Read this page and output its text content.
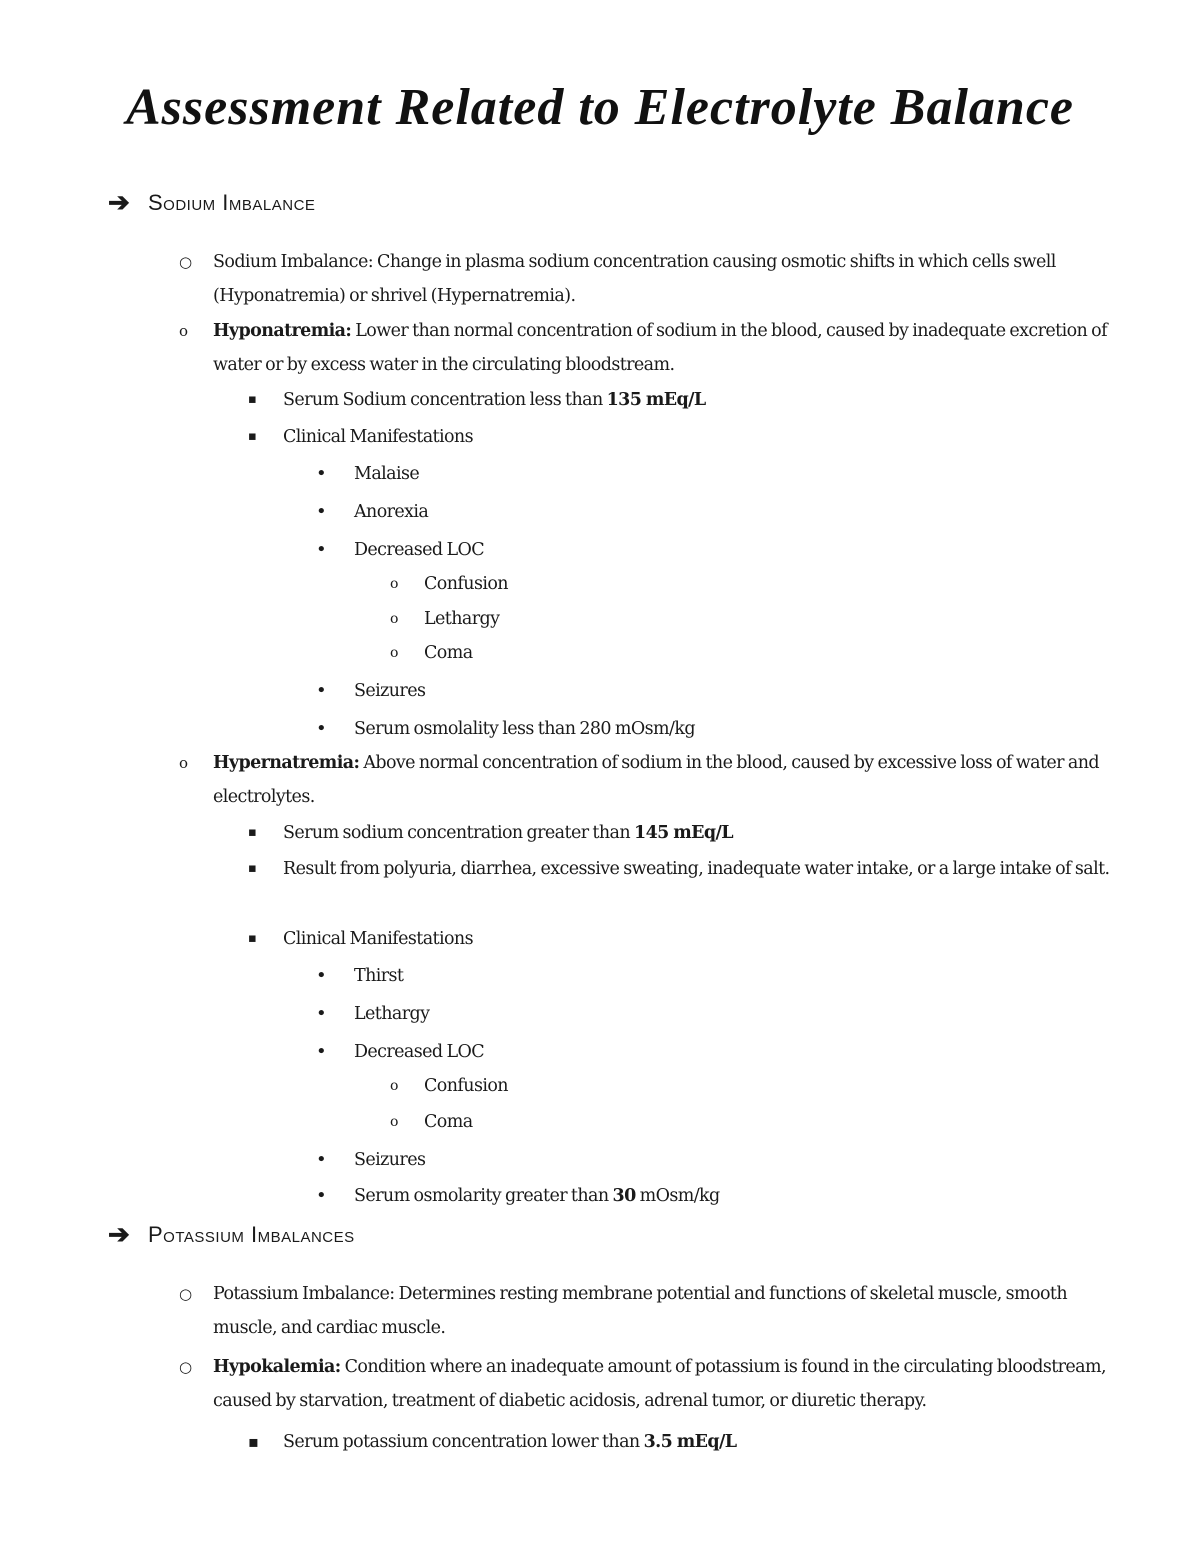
Assessment Related to Electrolyte Balance
➔ Sodium Imbalance

○ Sodium Imbalance: Change in plasma sodium concentration causing osmotic shifts in which cells swell (Hyponatremia) or shrivel (Hypernatremia).

o Hyponatremia: Lower than normal concentration of sodium in the blood, caused by inadequate excretion of water or by excess water in the circulating bloodstream.

▪ Serum Sodium concentration less than 135 mEq/L

▪ Clinical Manifestations

• Malaise

• Anorexia

• Decreased LOC

o Confusion

o Lethargy

o Coma

• Seizures

• Serum osmolality less than 280 mOsm/kg

o Hypernatremia: Above normal concentration of sodium in the blood, caused by excessive loss of water and electrolytes.

▪ Serum sodium concentration greater than 145 mEq/L

▪ Result from polyuria, diarrhea, excessive sweating, inadequate water intake, or a large intake of salt.

▪ Clinical Manifestations

• Thirst

• Lethargy

• Decreased LOC

o Confusion

o Coma

• Seizures

• Serum osmolarity greater than 30 mOsm/kg

➔ Potassium Imbalances

○ Potassium Imbalance: Determines resting membrane potential and functions of skeletal muscle, smooth muscle, and cardiac muscle.

○ Hypokalemia: Condition where an inadequate amount of potassium is found in the circulating bloodstream, caused by starvation, treatment of diabetic acidosis, adrenal tumor, or diuretic therapy.

▪ Serum potassium concentration lower than 3.5 mEq/L
